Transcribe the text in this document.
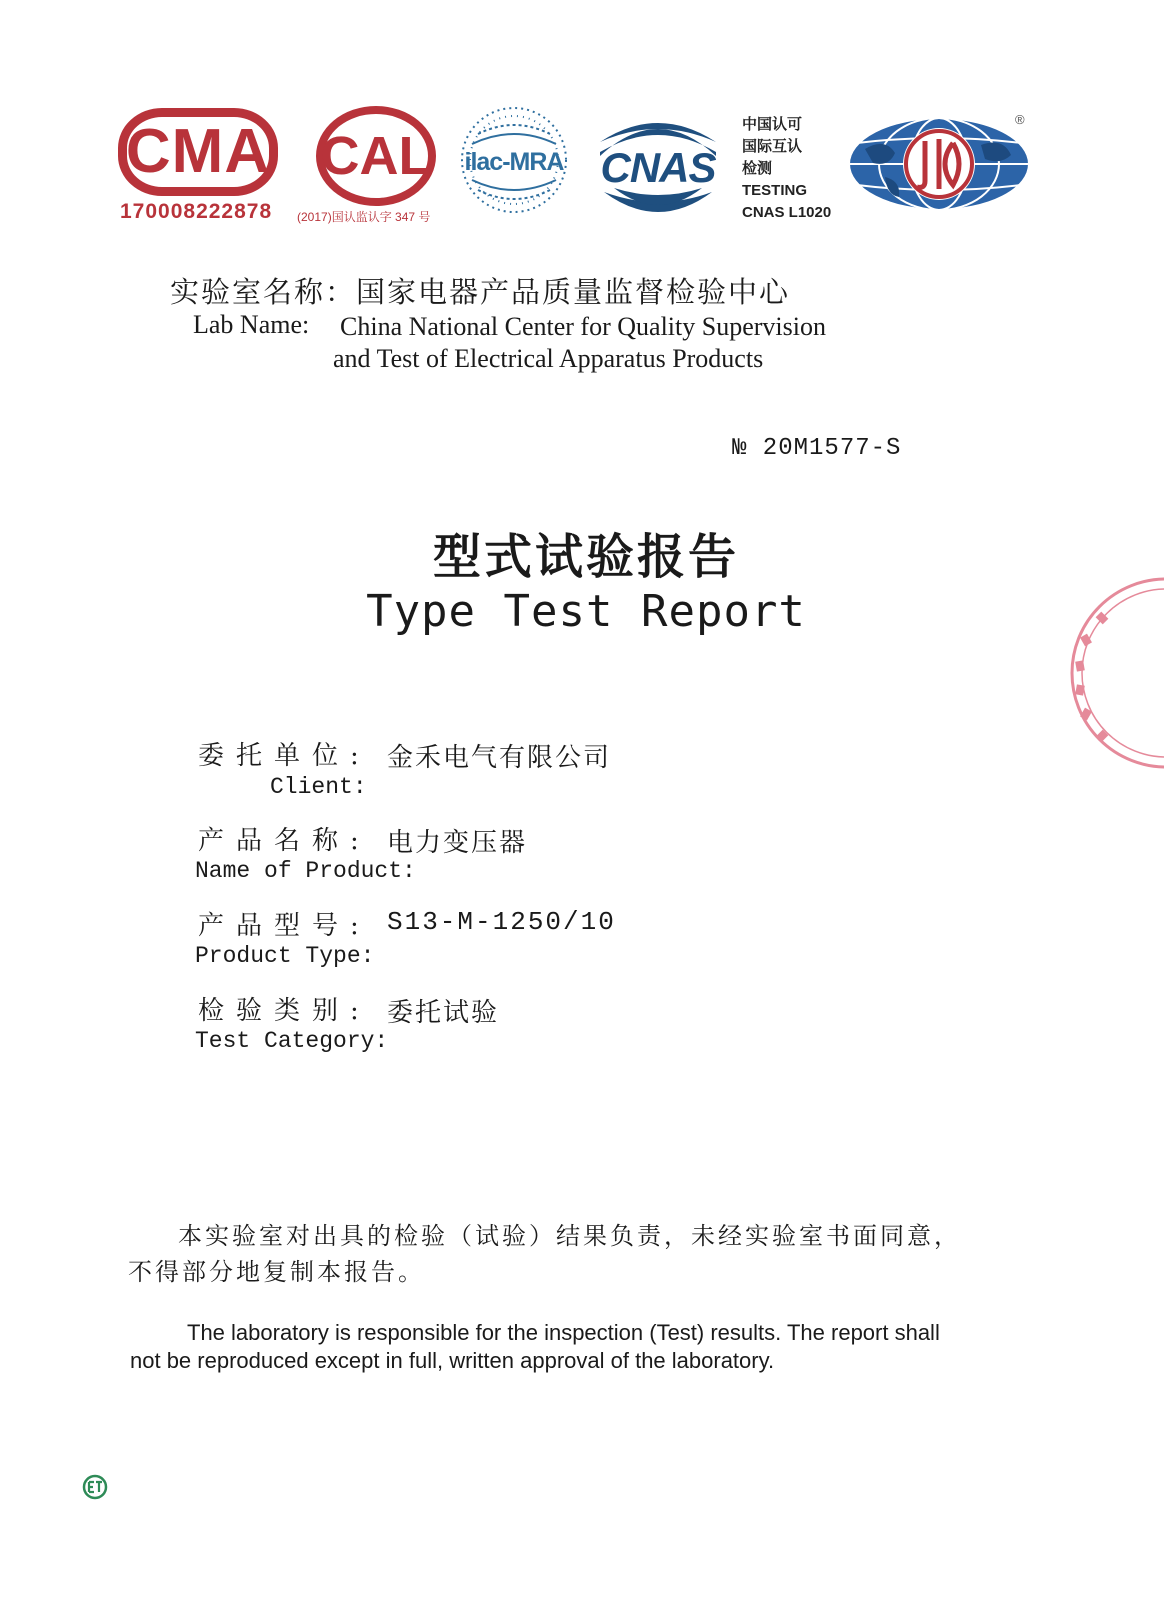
CMA
170008222878
CAL
(2017)国认监认字 347 号
ilac-MRA CNAS
中国认可
国际互认
检测
TESTING
CNAS L1020
®
实验室名称：国家电器产品质量监督检验中心
Lab Name: China National Center for Quality Supervision
and Test of Electrical Apparatus Products
№ 20M1577-S
型式试验报告
Type Test Report
委托单位: 金禾电气有限公司
Client:
产品名称: 电力变压器
Name of Product:
产品型号: S13-M-1250/10
Product Type:
检验类别: 委托试验
Test Category:
本实验室对出具的检验（试验）结果负责，未经实验室书面同意，
不得部分地复制本报告。
The laboratory is responsible for the inspection (Test) results. The report shall
not be reproduced except in full, written approval of the laboratory.
